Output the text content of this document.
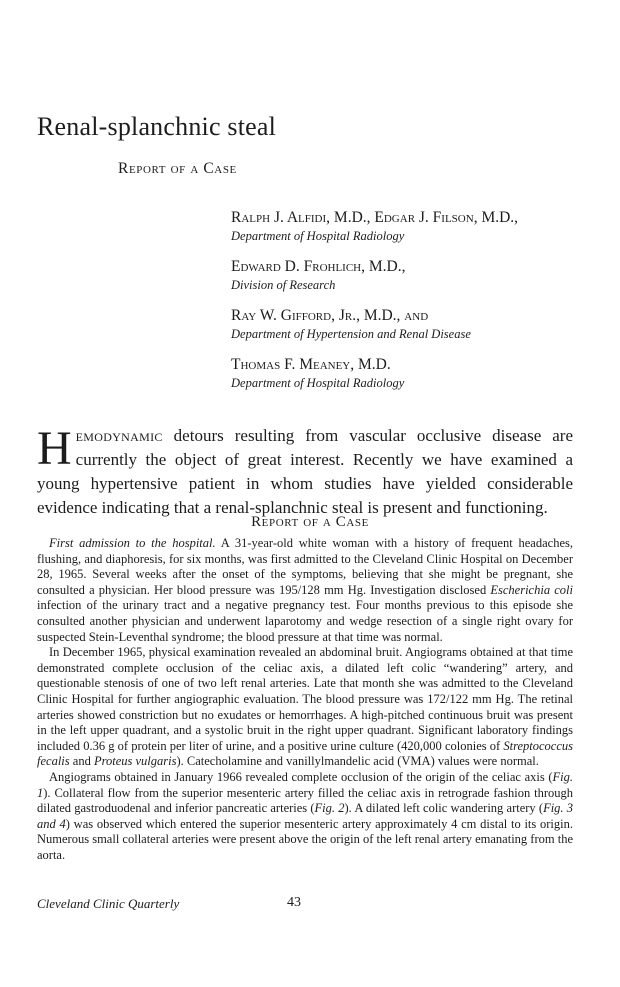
Renal-splanchnic steal
Report of a Case
Ralph J. Alfidi, M.D., Edgar J. Filson, M.D.,
Department of Hospital Radiology
Edward D. Frohlich, M.D.,
Division of Research
Ray W. Gifford, Jr., M.D., and
Department of Hypertension and Renal Disease
Thomas F. Meaney, M.D.
Department of Hospital Radiology

Hemodynamic detours resulting from vascular occlusive disease are currently the object of great interest. Recently we have examined a young hypertensive patient in whom studies have yielded considerable evidence indicating that a renal-splanchnic steal is present and functioning.

Report of a Case

First admission to the hospital. A 31-year-old white woman with a history of frequent headaches, flushing, and diaphoresis, for six months, was first admitted to the Cleveland Clinic Hospital on December 28, 1965. Several weeks after the onset of the symptoms, believing that she might be pregnant, she consulted a physician. Her blood pressure was 195/128 mm Hg. Investigation disclosed Escherichia coli infection of the urinary tract and a negative pregnancy test. Four months previous to this episode she consulted another physician and underwent laparotomy and wedge resection of a single right ovary for suspected Stein-Leventhal syndrome; the blood pressure at that time was normal.

In December 1965, physical examination revealed an abdominal bruit. Angiograms obtained at that time demonstrated complete occlusion of the celiac axis, a dilated left colic “wandering” artery, and questionable stenosis of one of two left renal arteries. Late that month she was admitted to the Cleveland Clinic Hospital for further angiographic evaluation. The blood pressure was 172/122 mm Hg. The retinal arteries showed constriction but no exudates or hemorrhages. A high-pitched continuous bruit was present in the left upper quadrant, and a systolic bruit in the right upper quadrant. Significant laboratory findings included 0.36 g of protein per liter of urine, and a positive urine culture (420,000 colonies of Streptococcus fecalis and Proteus vulgaris). Catecholamine and vanillylmandelic acid (VMA) values were normal.

Angiograms obtained in January 1966 revealed complete occlusion of the origin of the celiac axis (Fig. 1). Collateral flow from the superior mesenteric artery filled the celiac axis in retrograde fashion through dilated gastroduodenal and inferior pancreatic arteries (Fig. 2). A dilated left colic wandering artery (Fig. 3 and 4) was observed which entered the superior mesenteric artery approximately 4 cm distal to its origin. Numerous small collateral arteries were present above the origin of the left renal artery emanating from the aorta.

Cleveland Clinic Quarterly	43
